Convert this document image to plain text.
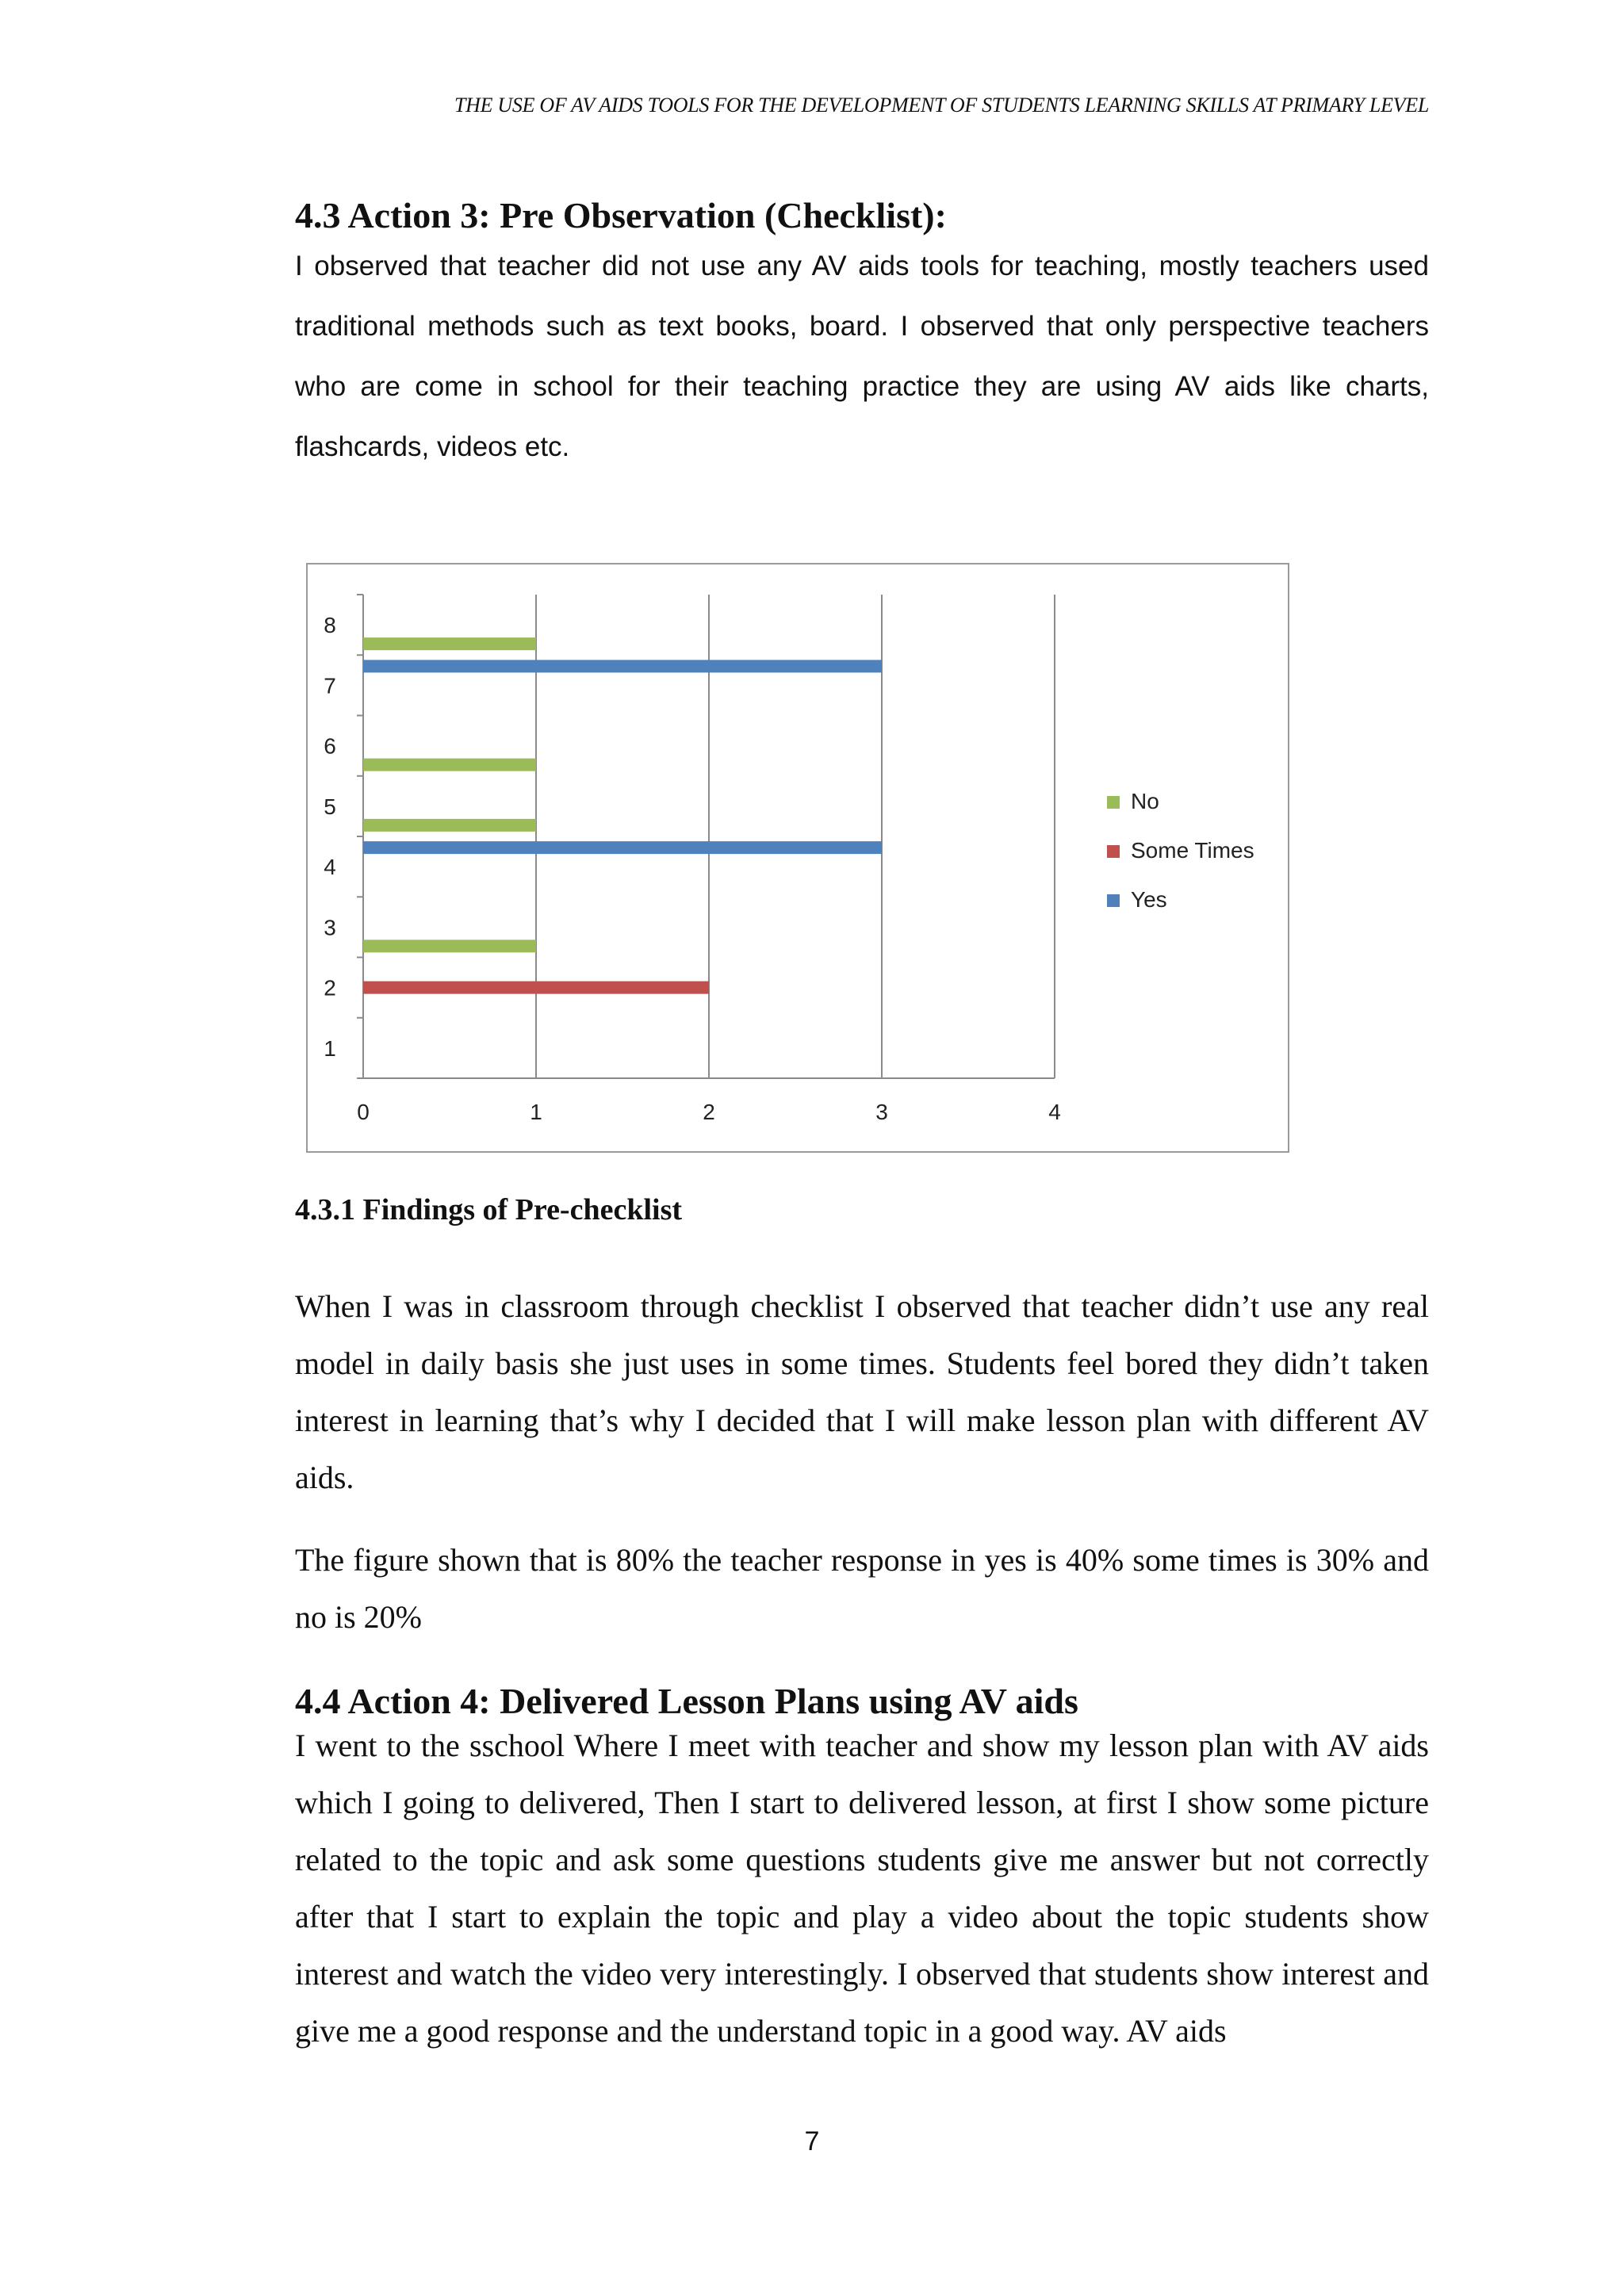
THE USE OF AV AIDS TOOLS FOR THE DEVELOPMENT OF STUDENTS LEARNING SKILLS AT PRIMARY LEVEL
4.3 Action 3: Pre Observation (Checklist):
I observed that teacher did not use any AV aids tools for teaching, mostly teachers used traditional methods such as text books, board. I observed that only perspective teachers who are come in school for their teaching practice they are using AV aids like charts, flashcards, videos etc.
0	1	2	3	4
1
2
3
4
5
6
7
8
No
Some Times
Yes
4.3.1 Findings of Pre-checklist
When I was in classroom through checklist I observed that teacher didn’t use any real model in daily basis she just uses in some times. Students feel bored they didn’t taken interest in learning that’s why I decided that I will make lesson plan with different AV aids.
The figure shown that is 80% the teacher response in yes is 40% some times is 30% and no is 20%
4.4 Action 4: Delivered Lesson Plans using AV aids
I went to the sschool Where I meet with teacher and show my lesson plan with AV aids which I going to delivered, Then I start to delivered lesson, at first I show some picture related to the topic and ask some questions students give me answer but not correctly after that I start to explain the topic and play a video about the topic students show interest and watch the video very interestingly. I observed that students show interest and give me a good response and the understand topic in a good way. AV aids
7
